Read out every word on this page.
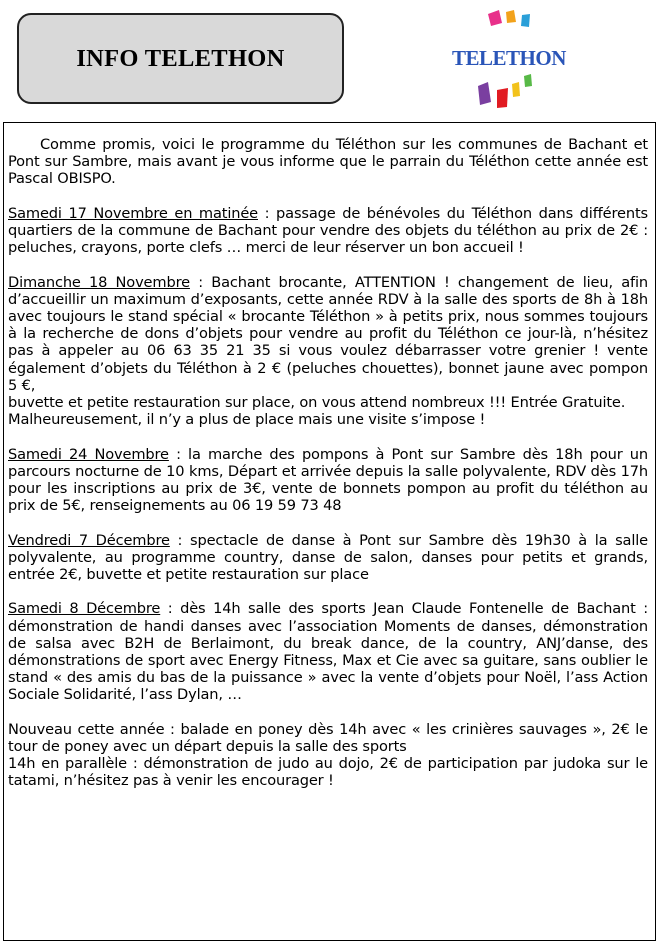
INFO TELETHON	TELETHON

Comme promis, voici le programme du Téléthon sur les communes de Bachant et Pont sur Sambre, mais avant je vous informe que le parrain du Téléthon cette année est Pascal OBISPO.

Samedi 17 Novembre en matinée : passage de bénévoles du Téléthon dans différents quartiers de la commune de Bachant pour vendre des objets du téléthon au prix de 2€ : peluches, crayons, porte clefs … merci de leur réserver un bon accueil !

Dimanche 18 Novembre : Bachant brocante, ATTENTION ! changement de lieu, afin d’accueillir un maximum d’exposants, cette année RDV à la salle des sports de 8h à 18h avec toujours le stand spécial « brocante Téléthon » à petits prix, nous sommes toujours à la recherche de dons d’objets pour vendre au profit du Téléthon ce jour-là, n’hésitez pas à appeler au 06 63 35 21 35 si vous voulez débarrasser votre grenier ! vente également d’objets du Téléthon à 2 € (peluches chouettes), bonnet jaune avec pompon 5 €,
buvette et petite restauration sur place, on vous attend nombreux !!! Entrée Gratuite.
Malheureusement, il n’y a plus de place mais une visite s’impose !

Samedi 24 Novembre : la marche des pompons à Pont sur Sambre dès 18h pour un parcours nocturne de 10 kms, Départ et arrivée depuis la salle polyvalente, RDV dès 17h pour les inscriptions au prix de 3€, vente de bonnets pompon au profit du téléthon au prix de 5€, renseignements au 06 19 59 73 48

Vendredi 7 Décembre : spectacle de danse à Pont sur Sambre dès 19h30 à la salle polyvalente, au programme country, danse de salon, danses pour petits et grands, entrée 2€, buvette et petite restauration sur place

Samedi 8 Décembre : dès 14h salle des sports Jean Claude Fontenelle de Bachant : démonstration de handi danses avec l’association Moments de danses, démonstration de salsa avec B2H de Berlaimont, du break dance, de la country, ANJ’danse, des démonstrations de sport avec Energy Fitness, Max et Cie avec sa guitare, sans oublier le stand « des amis du bas de la puissance » avec la vente d’objets pour Noël, l’ass Action Sociale Solidarité, l’ass Dylan, …

Nouveau cette année : balade en poney dès 14h avec « les crinières sauvages », 2€ le tour de poney avec un départ depuis la salle des sports
14h en parallèle : démonstration de judo au dojo, 2€ de participation par judoka sur le tatami, n’hésitez pas à venir les encourager !
